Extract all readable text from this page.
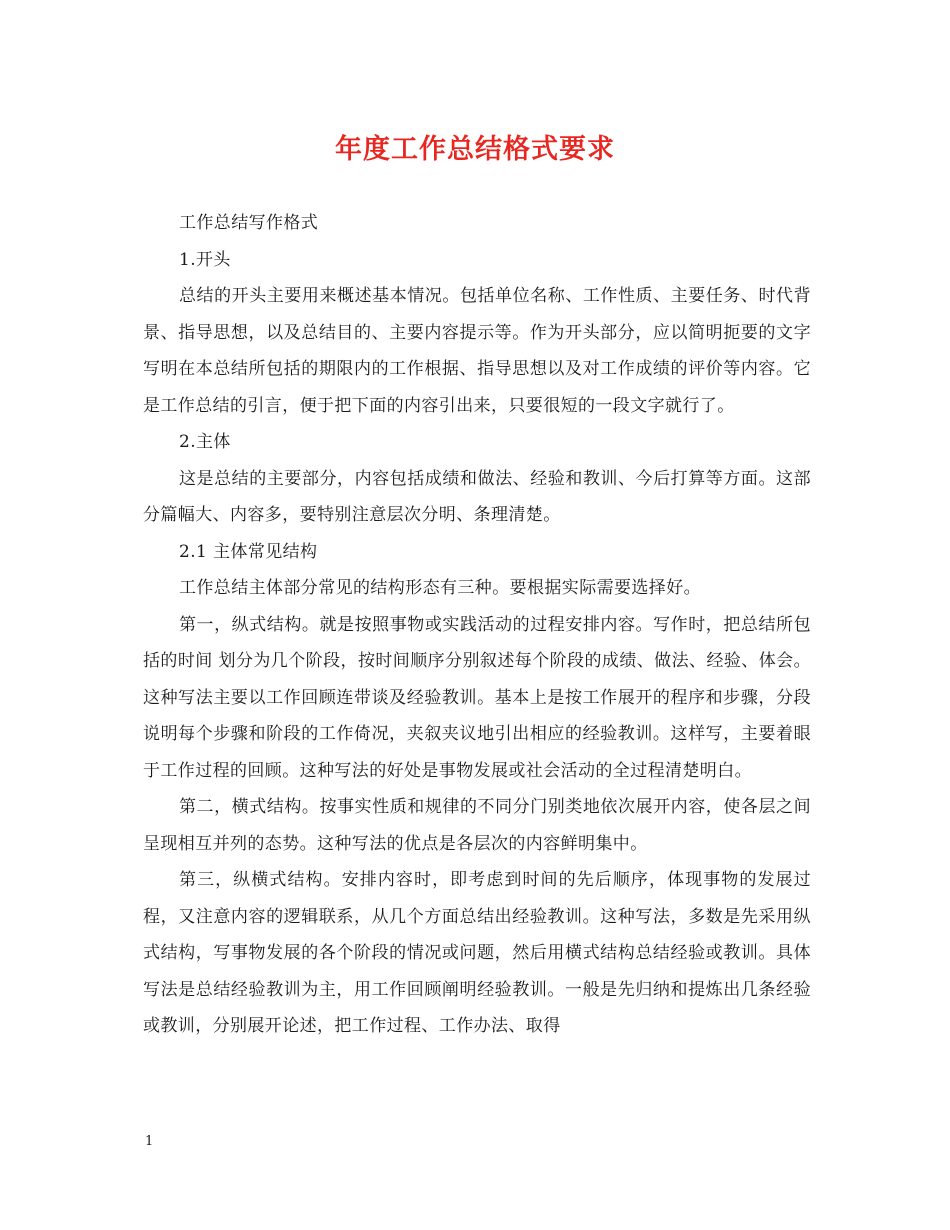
年度工作总结格式要求

工作总结写作格式

1.开头

总结的开头主要用来概述基本情况。包括单位名称、工作性质、主要任务、时代背景、指导思想，以及总结目的、主要内容提示等。作为开头部分，应以简明扼要的文字写明在本总结所包括的期限内的工作根据、指导思想以及对工作成绩的评价等内容。它是工作总结的引言，便于把下面的内容引出来，只要很短的一段文字就行了。

2.主体

这是总结的主要部分，内容包括成绩和做法、经验和教训、今后打算等方面。这部分篇幅大、内容多，要特别注意层次分明、条理清楚。

2.1 主体常见结构

工作总结主体部分常见的结构形态有三种。要根据实际需要选择好。

第一，纵式结构。就是按照事物或实践活动的过程安排内容。写作时，把总结所包括的时间 划分为几个阶段，按时间顺序分别叙述每个阶段的成绩、做法、经验、体会。这种写法主要以工作回顾连带谈及经验教训。基本上是按工作展开的程序和步骤，分段说明每个步骤和阶段的工作倚况，夹叙夹议地引出相应的经验教训。这样写，主要着眼于工作过程的回顾。这种写法的好处是事物发展或社会活动的全过程清楚明白。

第二，横式结构。按事实性质和规律的不同分门别类地依次展开内容，使各层之间呈现相互并列的态势。这种写法的优点是各层次的内容鲜明集中。

第三，纵横式结构。安排内容时，即考虑到时间的先后顺序，体现事物的发展过程，又注意内容的逻辑联系，从几个方面总结出经验教训。这种写法，多数是先采用纵式结构，写事物发展的各个阶段的情况或问题，然后用横式结构总结经验或教训。具体写法是总结经验教训为主，用工作回顾阐明经验教训。一般是先归纳和提炼出几条经验或教训，分别展开论述，把工作过程、工作办法、取得

1
